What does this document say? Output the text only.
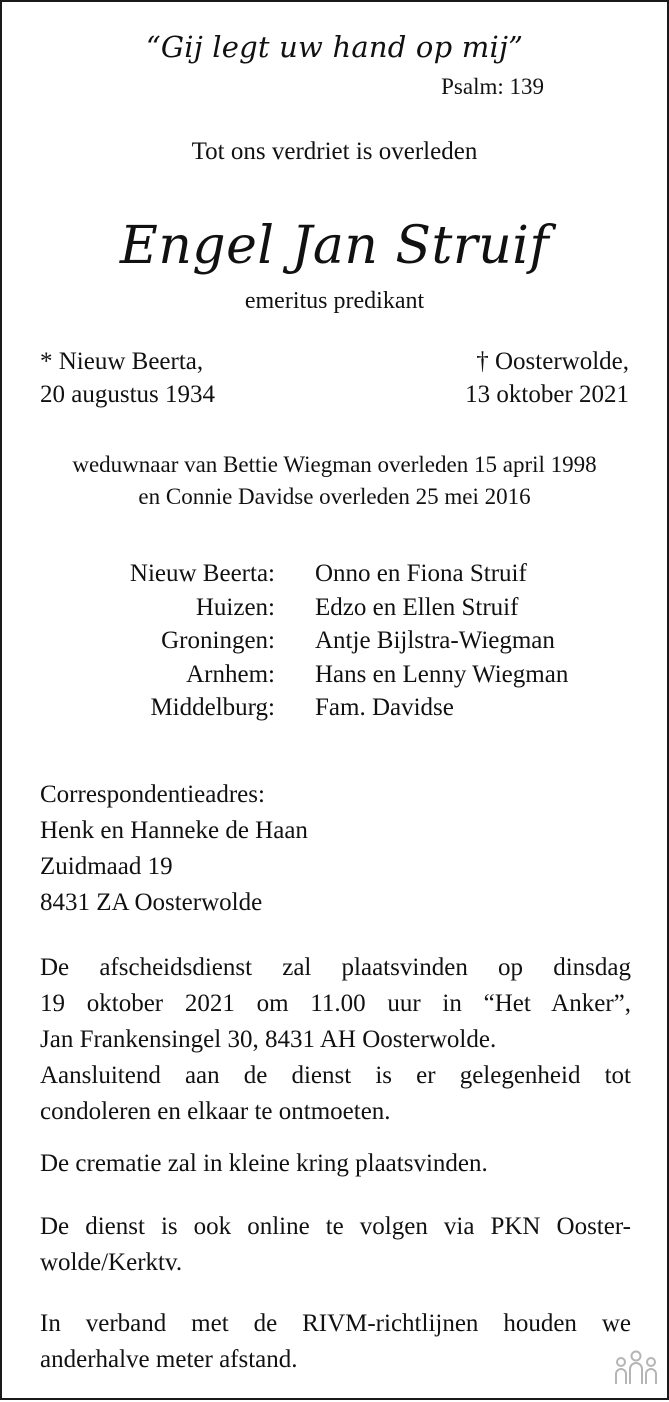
“Gij legt uw hand op mij”
Psalm: 139
Tot ons verdriet is overleden
Engel Jan Struif
emeritus predikant
* Nieuw Beerta,
20 augustus 1934
† Oosterwolde,
13 oktober 2021
weduwnaar van Bettie Wiegman overleden 15 april 1998
en Connie Davidse overleden 25 mei 2016
Nieuw Beerta: Onno en Fiona Struif
Huizen: Edzo en Ellen Struif
Groningen: Antje Bijlstra-Wiegman
Arnhem: Hans en Lenny Wiegman
Middelburg: Fam. Davidse
Correspondentieadres:
Henk en Hanneke de Haan
Zuidmaad 19
8431 ZA Oosterwolde
De afscheidsdienst zal plaatsvinden op dinsdag
19 oktober 2021 om 11.00 uur in “Het Anker”,
Jan Frankensingel 30, 8431 AH Oosterwolde.
Aansluitend aan de dienst is er gelegenheid tot
condoleren en elkaar te ontmoeten.
De crematie zal in kleine kring plaatsvinden.
De dienst is ook online te volgen via PKN Ooster-
wolde/Kerktv.
In verband met de RIVM-richtlijnen houden we
anderhalve meter afstand.
